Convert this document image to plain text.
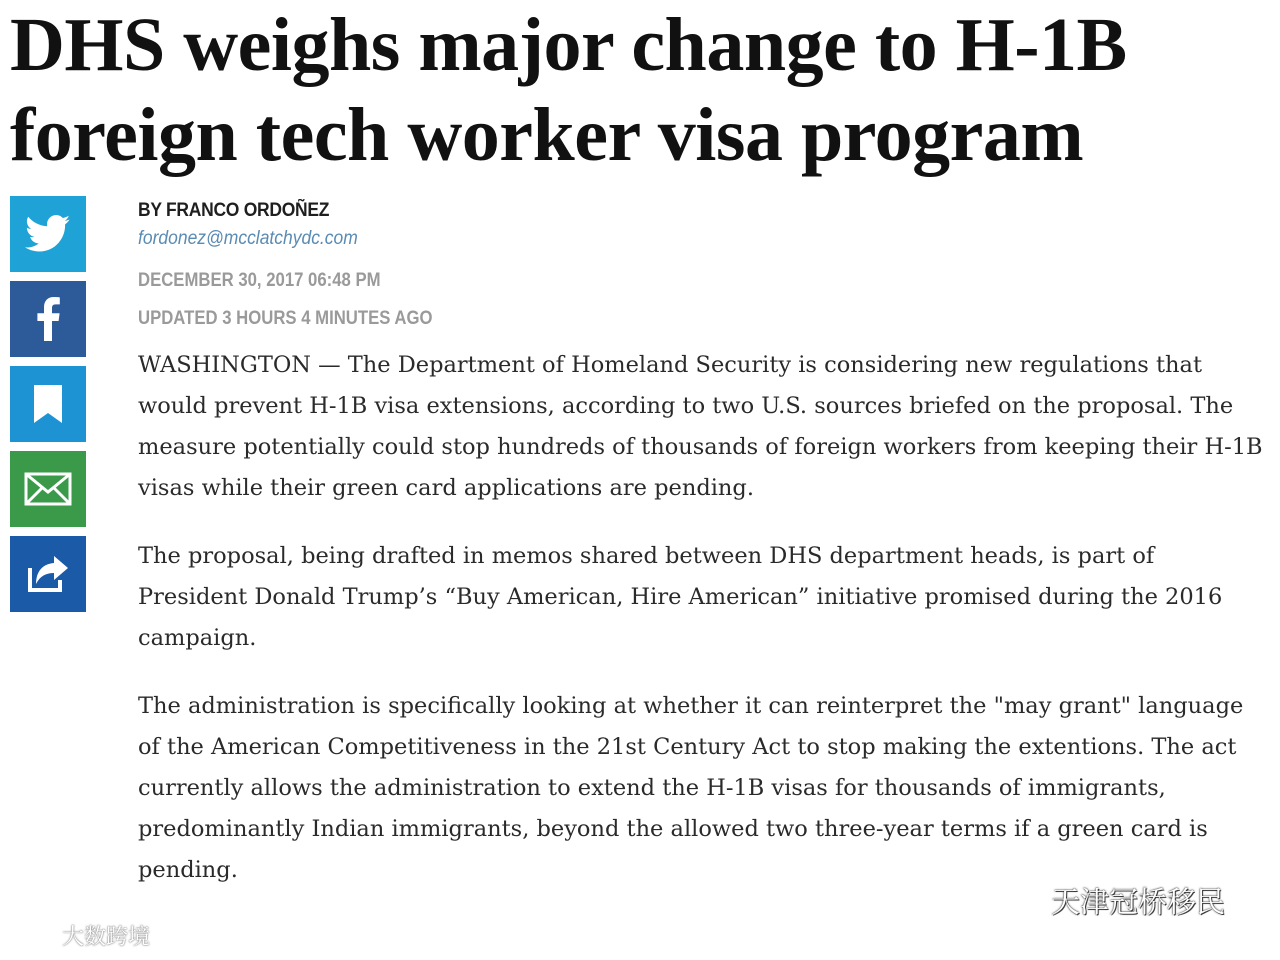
DHS weighs major change to H-1B
foreign tech worker visa program
BY FRANCO ORDOÑEZ
fordonez@mcclatchydc.com
DECEMBER 30, 2017 06:48 PM
UPDATED 3 HOURS 4 MINUTES AGO

WASHINGTON — The Department of Homeland Security is considering new regulations that would prevent H-1B visa extensions, according to two U.S. sources briefed on the proposal. The measure potentially could stop hundreds of thousands of foreign workers from keeping their H-1B visas while their green card applications are pending.

The proposal, being drafted in memos shared between DHS department heads, is part of President Donald Trump’s “Buy American, Hire American” initiative promised during the 2016 campaign.

The administration is specifically looking at whether it can reinterpret the "may grant" language of the American Competitiveness in the 21st Century Act to stop making the extentions. The act currently allows the administration to extend the H-1B visas for thousands of immigrants, predominantly Indian immigrants, beyond the allowed two three-year terms if a green card is pending.

大数跨境
天津冠桥移民
